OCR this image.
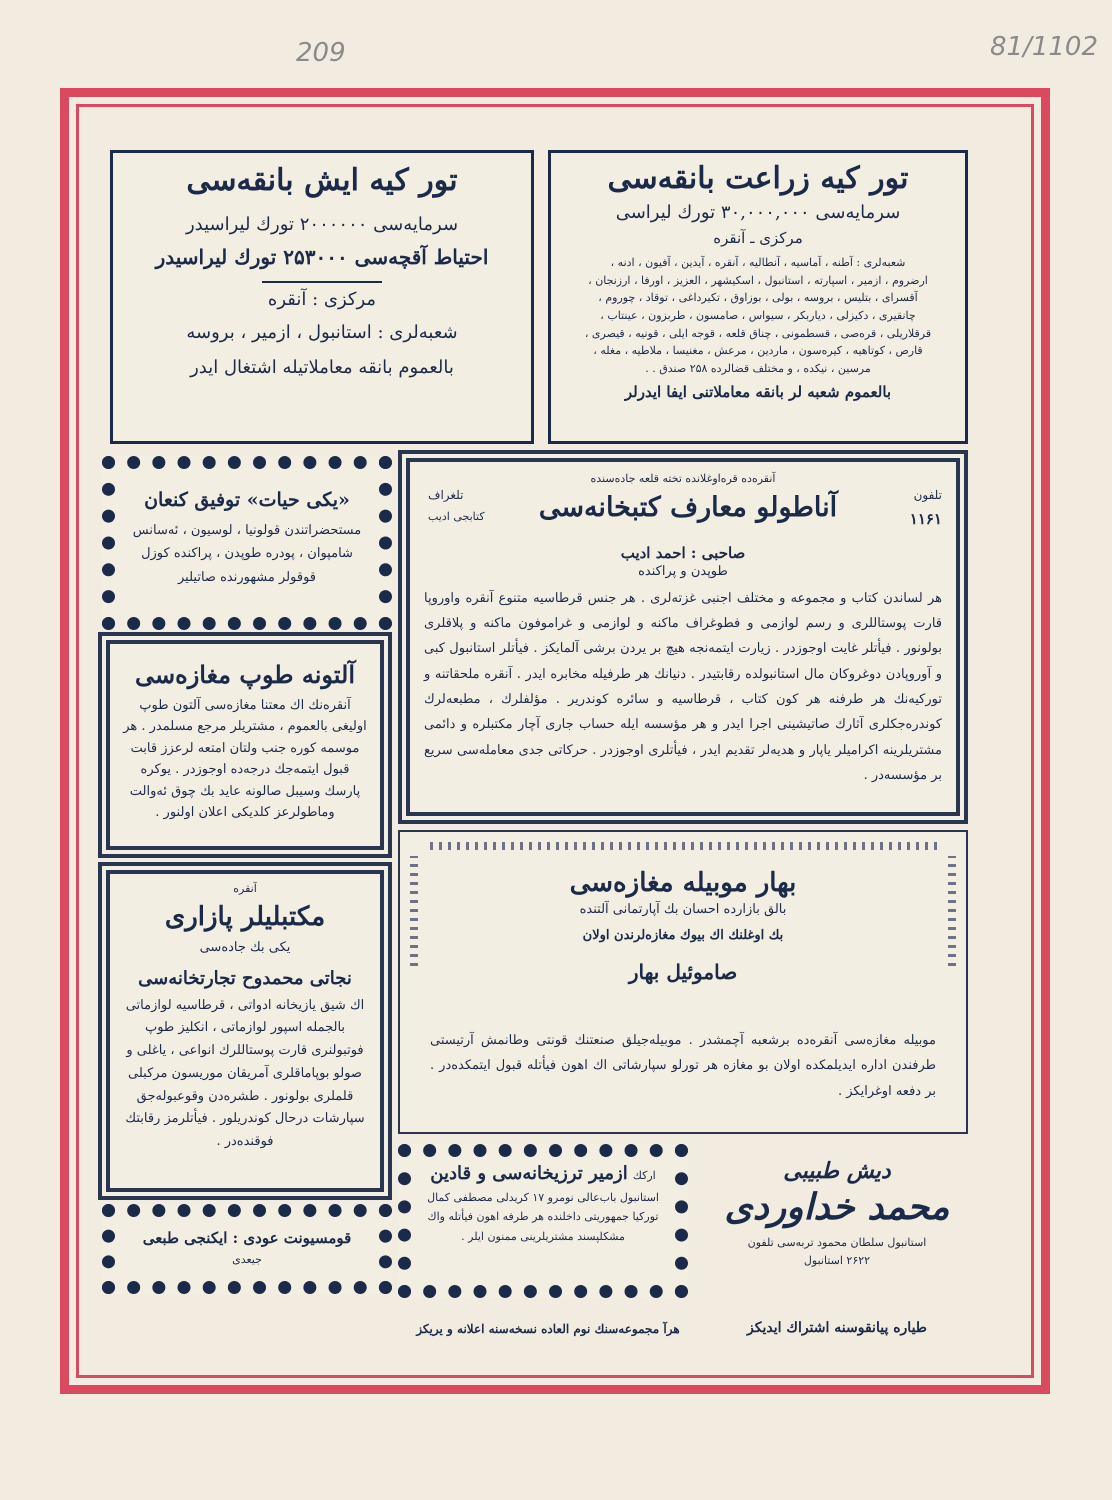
209	81/1102

تور کیه زراعت بانقه‌سی

سرمایه‌سی ۳۰,۰۰۰,۰۰۰ تورك لیراسی

مركزی ـ آنقره

شعبه‌لری : آطنه ، آماسیه ، آنطالیه ، آنقره ، آیدین ، آفیون ، ادنه ،

ارضروم ، ازمیر ، اسپارته ، استانبول ، اسکیشهر ، العزیز ، اورفا ، ارزنجان ،

آقسرای ، بتلیس ، بروسه ، بولی ، بوزاوق ، تکیرداغی ، توقاد ، چوروم ،

چانقیری ، دکیزلی ، دیاربکر ، سیواس ، صامسون ، طربزون ، عینتاب ،

قرقلاریلی ، قره‌صی ، قسطمونی ، چناق قلعه ، قوجه ایلی ، قونیه ، قیصری ،

قارص ، کوتاهیه ، کیره‌سون ، ماردین ، مرعش ، مغنیسا ، ملاطیه ، مغله ،

مرسین ، نیکده ، و مختلف قضالرده ۲۵۸ صندق . .

بالعموم شعبه لر بانقه معاملاتنی ایفا ایدرلر

تور کیه ایش بانقه‌سی

سرمایه‌سی ۲۰۰۰۰۰۰ تورك لیراسیدر

احتیاط آقچه‌سی ۲۵۳۰۰۰ تورك لیراسیدر

مرکزی : آنقره

شعبه‌لری : استانبول ، ازمیر ، بروسه

بالعموم بانقه معاملاتیله اشتغال ایدر

«یکی حیات» توفیق کنعان

مستحضراتندن قولونیا ، لوسیون ، ئەسانس شامپوان ، پودره طوپدن ، پراکنده کوزل قوقولر مشهورنده صاتیلیر

آلتونه طوپ مغازه‌سی

آنقره‌نك اك معتنا مغازه‌سی آلتون طوپ اولیغی بالعموم ، مشتریلر مرجع مسلمدر . هر موسمه کوره جنب ولتان امتعه لرعزز قابت قبول ایتمه‌جك درجه‌ده اوجوزدر . یوکره پارسك وسیبل صالونه عاید بك چوق ئەوالت وماطولرعز کلدیكی اعلان اولنور .

آنقره‌ده قره‌اوغلانده تخته قلعه جاده‌سنده

تلفون
۱۱۶۱
تلغراف
کتابجی ادیب	آناطولو معارف کتبخانه‌سی

صاحبی : احمد ادیب

طوپدن و پراکنده

هر لساندن کتاب و مجموعه و مختلف اجنبی غزته‌لری . هر جنس قرطاسیه متنوع آنقره واوروپا قارت پوستاللری و رسم لوازمی و فطوغراف ماکنه و لوازمی و غراموفون ماکنه و پلاقلری بولونور . فیأتلر غایت اوجوزدر . زیارت ایتمه‌نجه هیچ بر یردن برشی آلمایکز . فیأتلر استانبول کبی و آوروپادن دوغروکان مال استانبولده رقابتیدر . دنیانك هر طرفیله مخابره ایدر . آنقره ملحقاتنه و تورکیه‌نك هر طرفنه هر کون کتاب ، قرطاسیه و سائره کوندریر . مؤلفلرك ، مطبعه‌لرك کوندره‌جکلری آثارك صاتیشینی اجرا ایدر و هر مؤسسه ایله حساب جاری آچار مکتبلره و دائمی مشتریلرینه اکرامیلر یاپار و هدیه‌لر تقدیم ایدر ، فیأتلری اوجوزدر . حرکاتی جدی معامله‌سی سریع بر مؤسسه‌در .

بهار موبیله مغازه‌سی

بالق بازارده احسان بك آپارتمانی آلتنده

بك اوغلنك اك بیوك مغازه‌لرندن اولان

صاموئیل بهار

موبیله مغازه‌سی آنقره‌ده برشعبه آچمشدر . موبیله‌جیلق صنعتنك قونتی وطانمش آرتیستی طرفندن اداره ایدیلمکده اولان بو مغازه هر تورلو سپارشاتی اك اهون فیأتله قبول ایتمکده‌در . بر دفعه اوغرایکز .

آنقره

مکتبلیلر پازاری

یکی بك جاده‌سی

نجاتی محمدوح تجارتخانه‌سی

اك شیق یازیخانه ادواتی ، قرطاسیه لوازماتی بالجمله اسپور لوازماتی ، انکلیز طوپ فوتبولنری قارت پوستاللرك انواعی ، یاغلی و صولو بوپاماقلری آمریقان موریسون مرکبلی قلملری بولونور . طشره‌دن وقوعبوله‌جق سپارشات درحال کوندریلور . فیأتلرمز رقابتك فوقنده‌در .

قومسیونت عودی : ایکنجی طبعی

جیعدی

ارکك ازمیر ترزیخانه‌سی و قادین

استانبول باب‌عالی نومرو ۱۷ کریدلی مصطفی کمال تورکیا جمهوریتی داخلنده هر طرفه اهون فیأتله واك مشکلپسند مشتریلرینی ممنون ایلر .

هرآ مجموعه‌سنك نوم العاده نسخه‌سنه اعلانه و یریکز

دیش طبیبی

محمد خداوردی

استانبول سلطان محمود تربه‌سی تلفون

۲۶۲۲ استانبول

طیاره پیانقوسنه اشتراك ایدیکز
